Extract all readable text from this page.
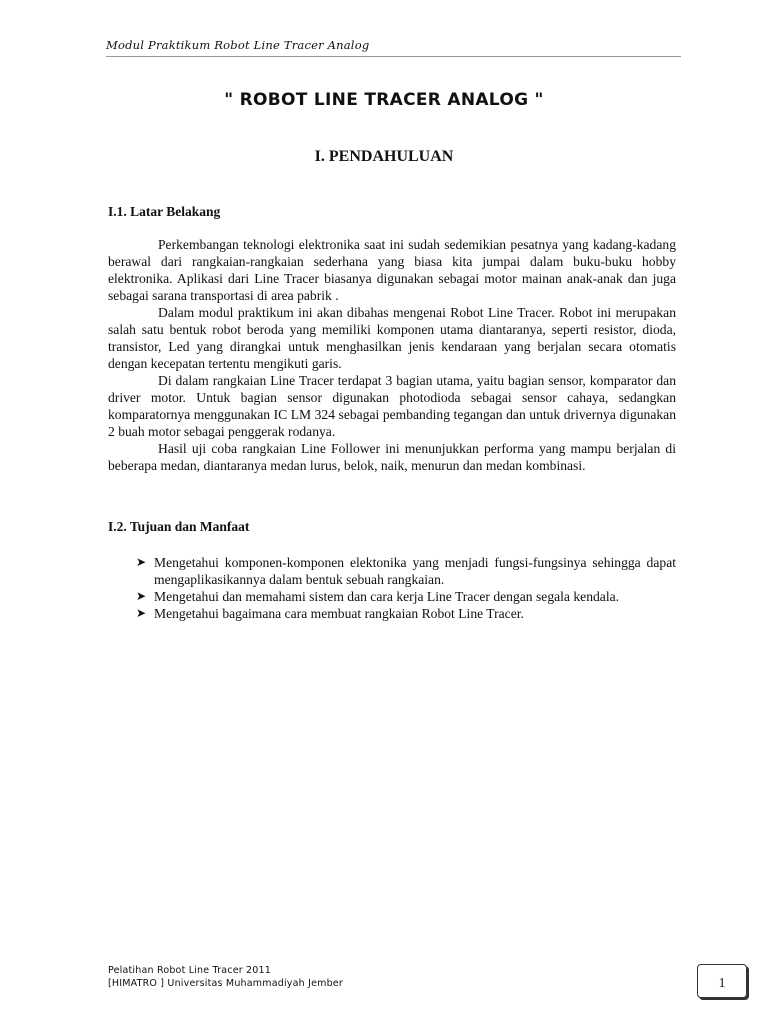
Modul Praktikum Robot Line Tracer Analog
" ROBOT LINE TRACER ANALOG "
I. PENDAHULUAN
I.1. Latar Belakang

Perkembangan teknologi elektronika saat ini sudah sedemikian pesatnya yang kadang-kadang berawal dari rangkaian-rangkaian sederhana yang biasa kita jumpai dalam buku-buku hobby elektronika. Aplikasi dari Line Tracer biasanya digunakan sebagai motor mainan anak-anak dan juga sebagai sarana transportasi di area pabrik .

Dalam modul praktikum ini akan dibahas mengenai Robot Line Tracer. Robot ini merupakan salah satu bentuk robot beroda yang memiliki komponen utama diantaranya, seperti resistor, dioda, transistor, Led yang dirangkai untuk menghasilkan jenis kendaraan yang berjalan secara otomatis dengan kecepatan tertentu mengikuti garis.

Di dalam rangkaian Line Tracer terdapat 3 bagian utama, yaitu bagian sensor, komparator dan driver motor. Untuk bagian sensor digunakan photodioda sebagai sensor cahaya, sedangkan komparatornya menggunakan IC LM 324 sebagai pembanding tegangan dan untuk drivernya digunakan 2 buah motor sebagai penggerak rodanya.

Hasil uji coba rangkaian Line Follower ini menunjukkan performa yang mampu berjalan di beberapa medan, diantaranya medan lurus, belok, naik, menurun dan medan kombinasi.

I.2. Tujuan dan Manfaat
➤ Mengetahui komponen-komponen elektonika yang menjadi fungsi-fungsinya sehingga dapat mengaplikasikannya dalam bentuk sebuah rangkaian.
➤ Mengetahui dan memahami sistem dan cara kerja Line Tracer dengan segala kendala.
➤ Mengetahui bagaimana cara membuat rangkaian Robot Line Tracer.
Pelatihan Robot Line Tracer 2011
[HIMATRO ] Universitas Muhammadiyah Jember	1
